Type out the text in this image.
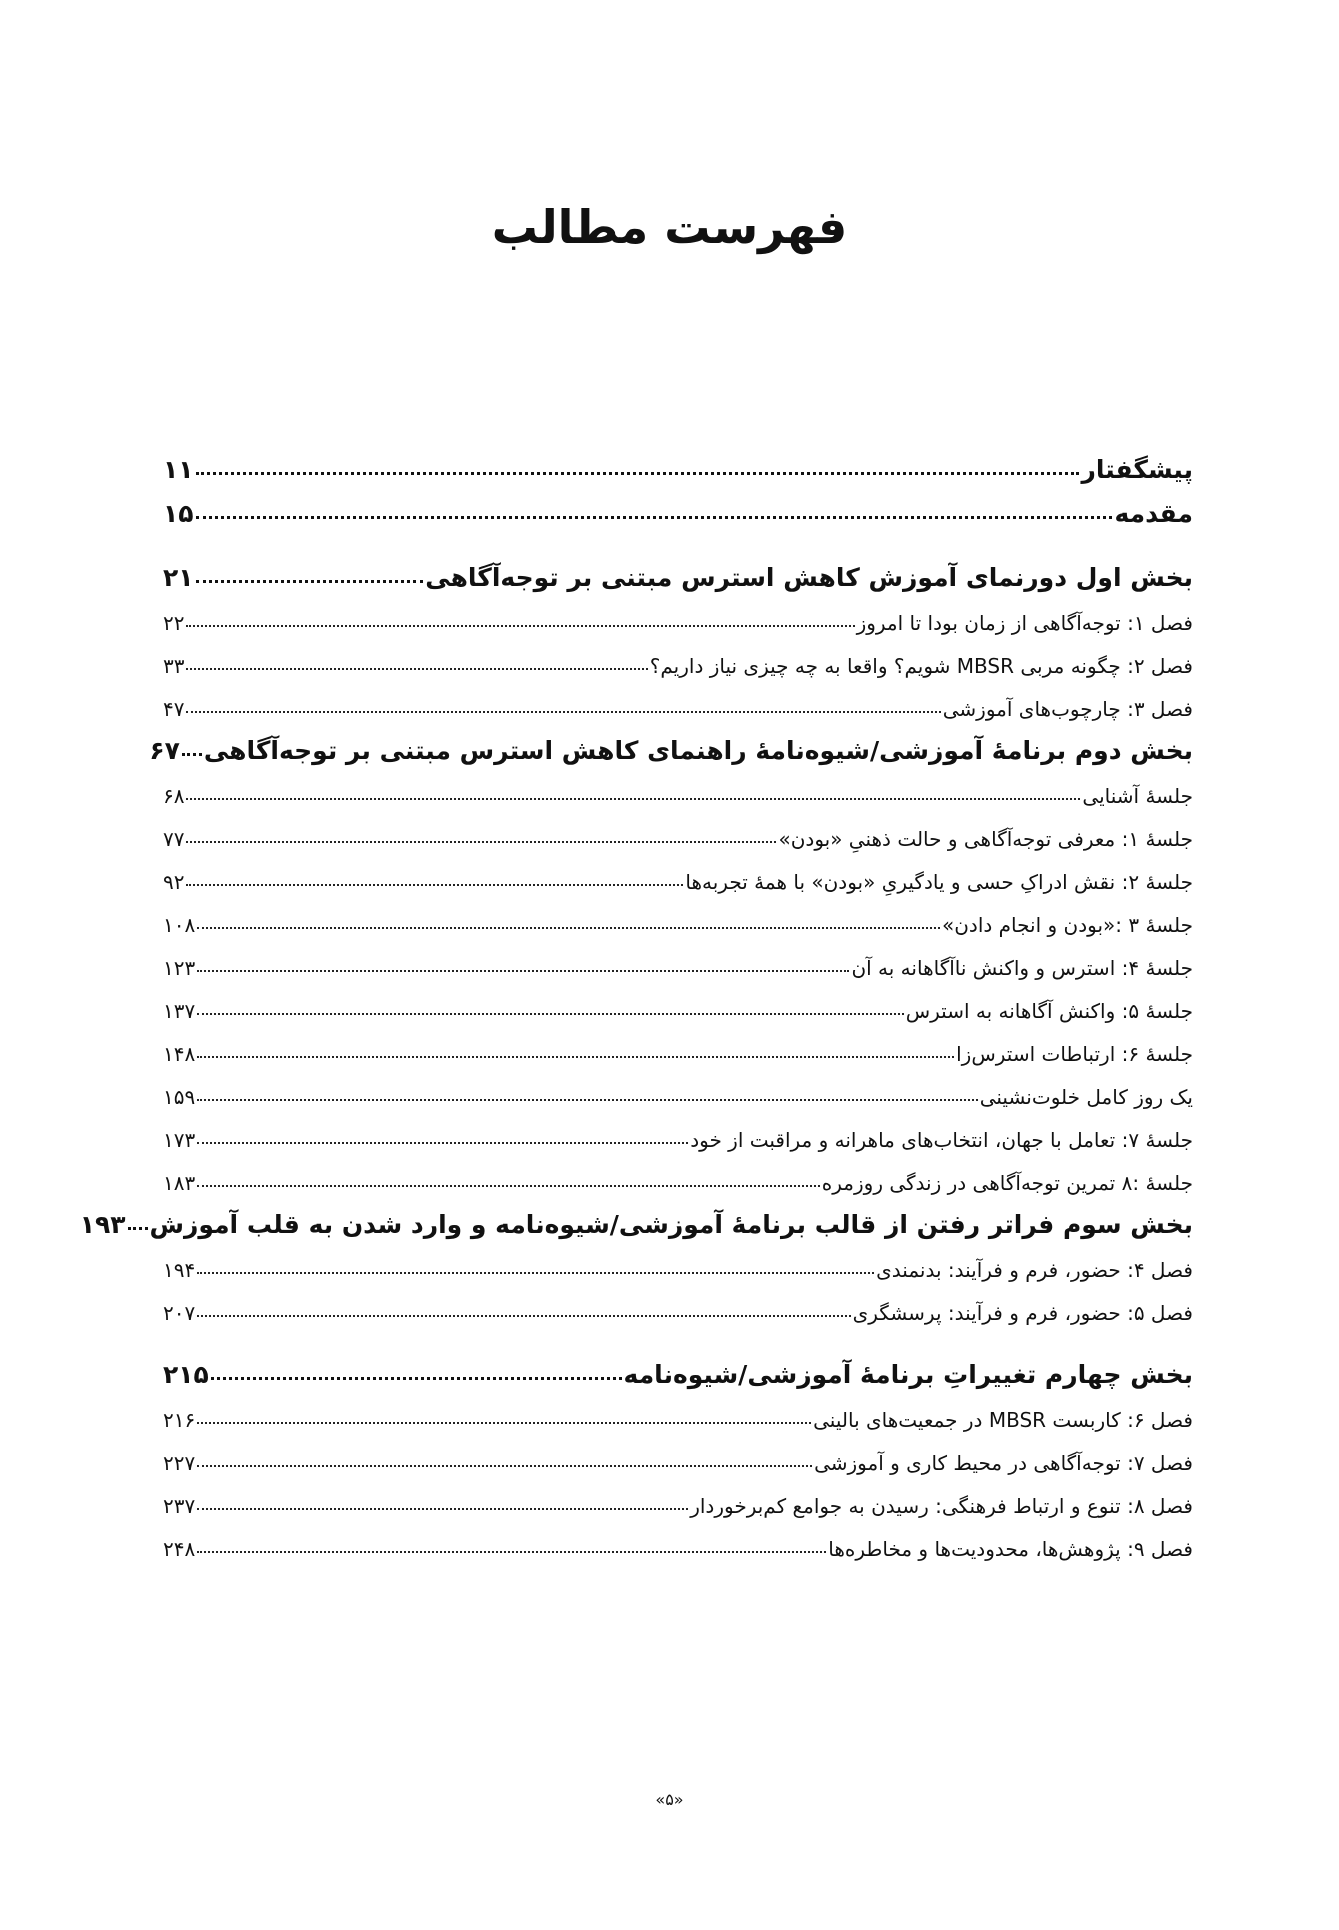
فهرست مطالب
پیشگفتار
۱۱
مقدمه
۱۵
بخش اول دورنمای آموزش کاهش استرس مبتنی بر توجه‌آگاهی
۲۱
فصل ۱: توجه‌آگاهی از زمان بودا تا امروز
۲۲
فصل ۲: چگونه مربی MBSR شویم؟ واقعا به چه چیزی نیاز داریم؟
۳۳
فصل ۳: چارچوب‌های آموزشی
۴۷
بخش دوم برنامۀ آموزشی/شیوه‌نامۀ راهنمای کاهش استرس مبتنی بر توجه‌آگاهی
۶۷
جلسۀ آشنایی
۶۸
جلسۀ ۱: معرفی توجه‌آگاهی و حالت ذهنیِ «بودن»
۷۷
جلسۀ ۲: نقش ادراکِ حسی و یادگیریِ «بودن» با همۀ تجربه‌ها
۹۲
جلسۀ ۳ :«بودن و انجام دادن»
۱۰۸
جلسۀ ۴: استرس و واکنش ناآگاهانه به آن
۱۲۳
جلسۀ ۵: واکنش آگاهانه به استرس
۱۳۷
جلسۀ ۶: ارتباطات استرس‌زا
۱۴۸
یک روز کامل خلوت‌نشینی
۱۵۹
جلسۀ ۷: تعامل با جهان، انتخاب‌های ماهرانه و مراقبت از خود
۱۷۳
جلسۀ :۸ تمرین توجه‌آگاهی در زندگی روزمره
۱۸۳
بخش سوم فراتر رفتن از قالب برنامۀ آموزشی/شیوه‌نامه و وارد شدن به قلب آموزش
۱۹۳
فصل ۴: حضور، فرم و فرآیند: بدنمندی
۱۹۴
فصل ۵: حضور، فرم و فرآیند: پرسشگری
۲۰۷
بخش چهارم تغییراتِ برنامۀ آموزشی/شیوه‌نامه
۲۱۵
فصل ۶: کاربست MBSR در جمعیت‌های بالینی
۲۱۶
فصل ۷: توجه‌آگاهی در محیط کاری و آموزشی
۲۲۷
فصل ۸: تنوع و ارتباط فرهنگی: رسیدن به جوامع کم‌برخوردار
۲۳۷
فصل ۹: پژوهش‌ها، محدودیت‌ها و مخاطره‌ها
۲۴۸
«۵»
